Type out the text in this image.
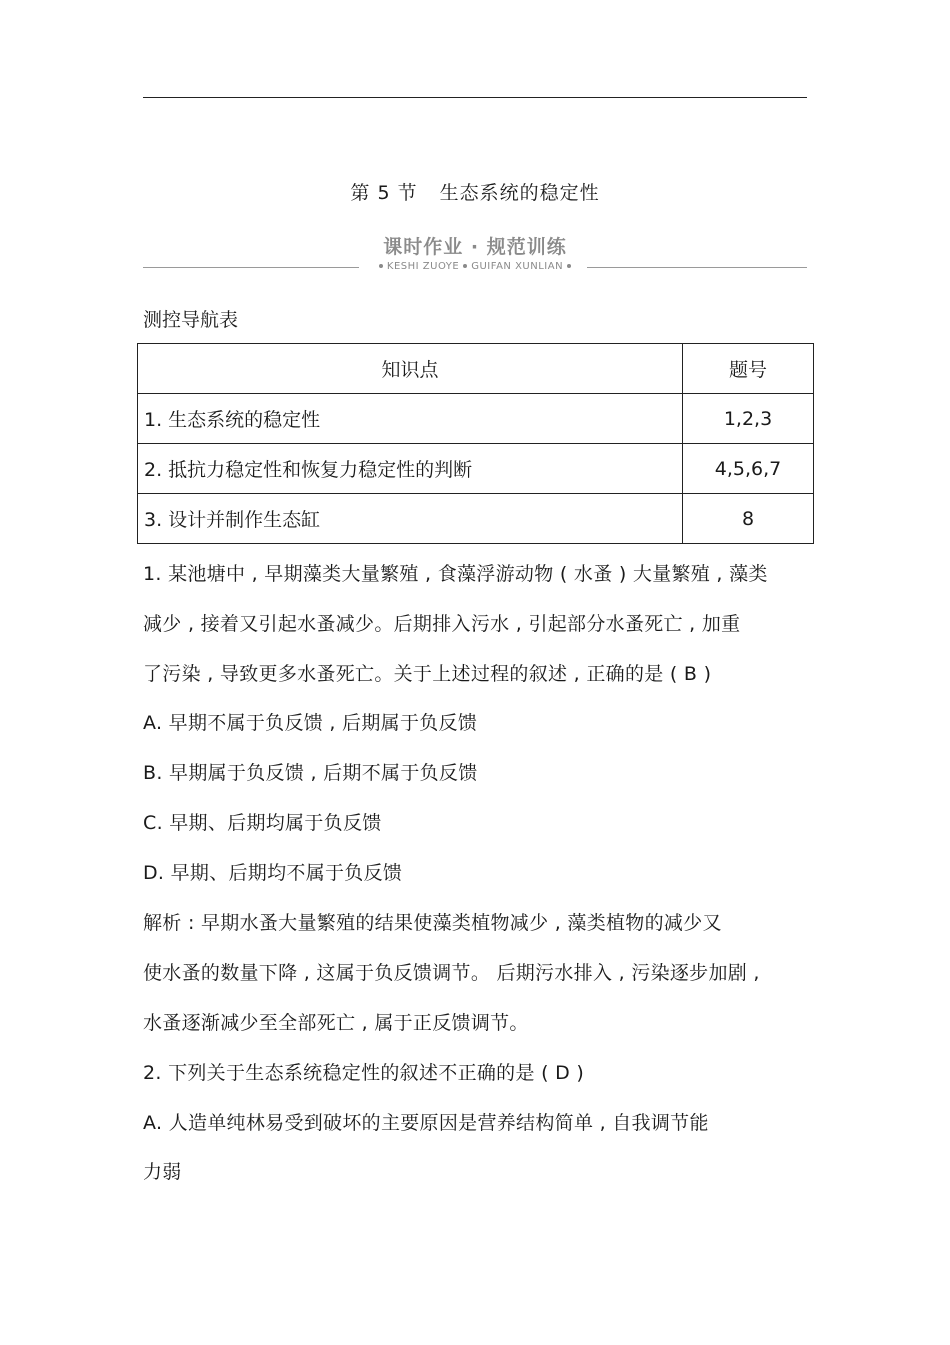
第 5 节 生态系统的稳定性
课时作业 · 规范训练
KESHI ZUOYE GUIFAN XUNLIAN
测控导航表
知识点	题号
1. 生态系统的稳定性	1,2,3
2. 抵抗力稳定性和恢复力稳定性的判断	4,5,6,7
3. 设计并制作生态缸	8
1. 某池塘中 , 早期藻类大量繁殖 , 食藻浮游动物 ( 水蚤 ) 大量繁殖 , 藻类
减少 , 接着又引起水蚤减少。后期排入污水 , 引起部分水蚤死亡 , 加重
了污染 , 导致更多水蚤死亡。关于上述过程的叙述 , 正确的是 ( B )
A. 早期不属于负反馈 , 后期属于负反馈
B. 早期属于负反馈 , 后期不属于负反馈
C. 早期、后期均属于负反馈
D. 早期、后期均不属于负反馈
解析 : 早期水蚤大量繁殖的结果使藻类植物减少 , 藻类植物的减少又
使水蚤的数量下降 , 这属于负反馈调节。 后期污水排入 , 污染逐步加剧 ,
水蚤逐渐减少至全部死亡 , 属于正反馈调节。
2. 下列关于生态系统稳定性的叙述不正确的是 ( D )
A. 人造单纯林易受到破坏的主要原因是营养结构简单 , 自我调节能
力弱
